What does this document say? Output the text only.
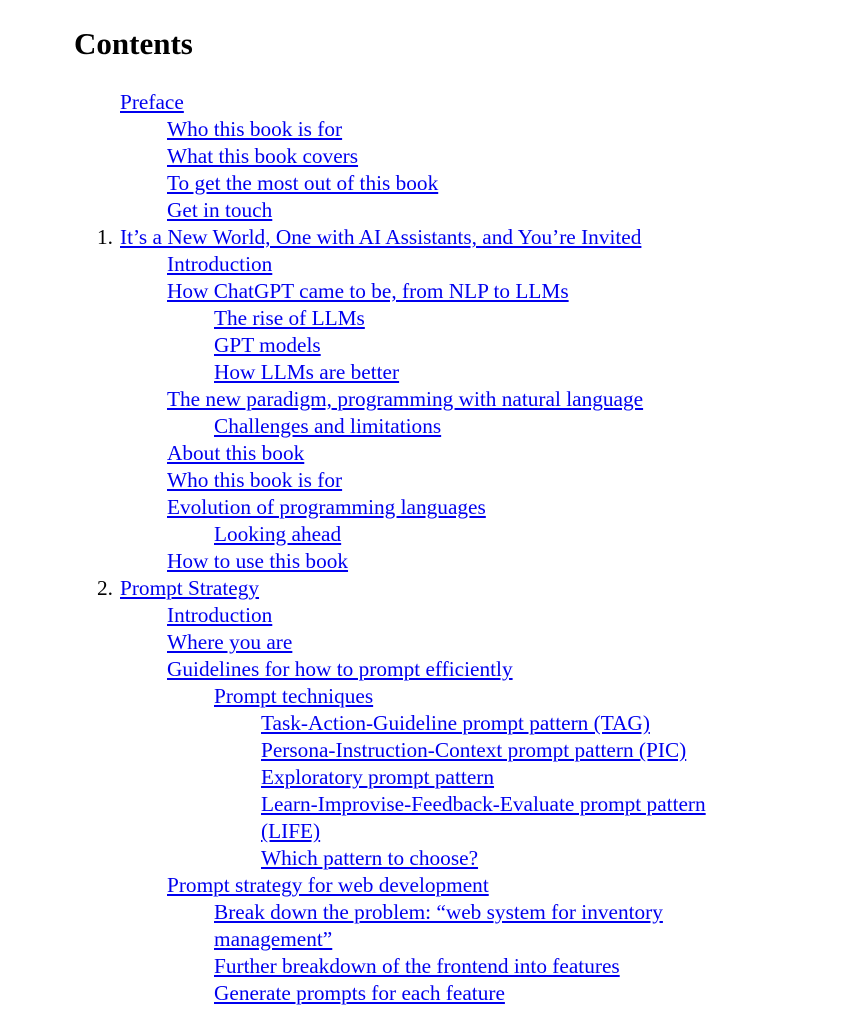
Contents
Preface
Who this book is for
What this book covers
To get the most out of this book
Get in touch
1. It’s a New World, One with AI Assistants, and You’re Invited
Introduction
How ChatGPT came to be, from NLP to LLMs
The rise of LLMs
GPT models
How LLMs are better
The new paradigm, programming with natural language
Challenges and limitations
About this book
Who this book is for
Evolution of programming languages
Looking ahead
How to use this book
2. Prompt Strategy
Introduction
Where you are
Guidelines for how to prompt efficiently
Prompt techniques
Task-Action-Guideline prompt pattern (TAG)
Persona-Instruction-Context prompt pattern (PIC)
Exploratory prompt pattern
Learn-Improvise-Feedback-Evaluate prompt pattern (LIFE)
Which pattern to choose?
Prompt strategy for web development
Break down the problem: “web system for inventory management”
Further breakdown of the frontend into features
Generate prompts for each feature
